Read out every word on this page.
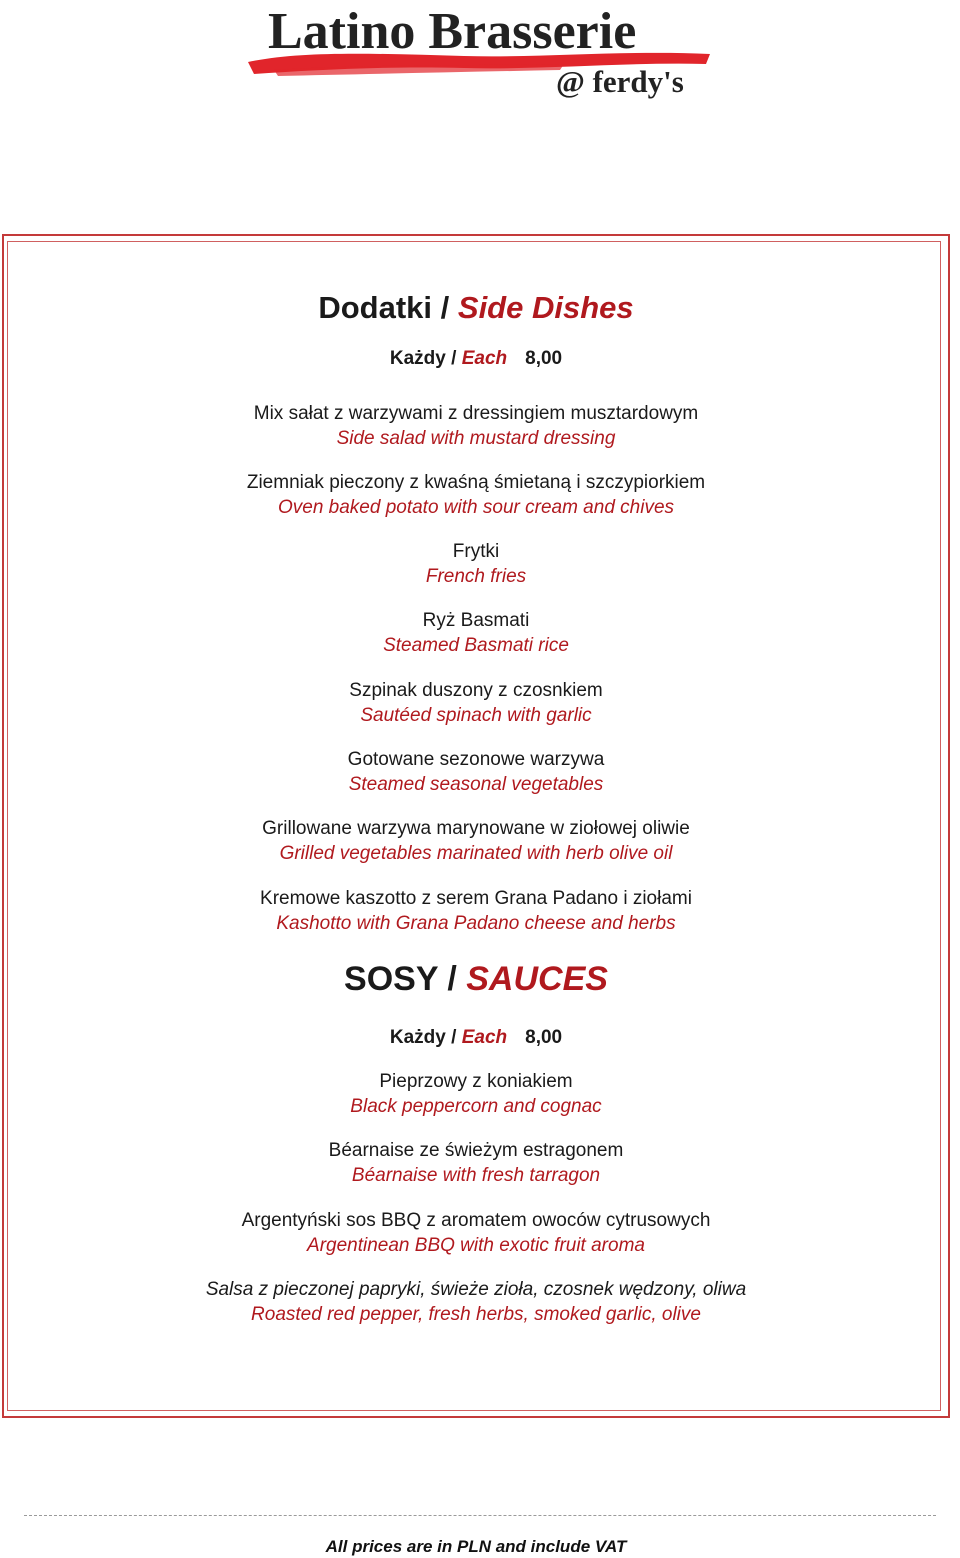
Latino Brasserie
@ ferdy's
Dodatki / Side Dishes
Każdy / Each 8,00
Mix sałat z warzywami z dressingiem musztardowym
Side salad with mustard dressing
Ziemniak pieczony z kwaśną śmietaną i szczypiorkiem
Oven baked potato with sour cream and chives
Frytki
French fries
Ryż Basmati
Steamed Basmati rice
Szpinak duszony z czosnkiem
Sautéed spinach with garlic
Gotowane sezonowe warzywa
Steamed seasonal vegetables
Grillowane warzywa marynowane w ziołowej oliwie
Grilled vegetables marinated with herb olive oil
Kremowe kaszotto z serem Grana Padano i ziołami
Kashotto with Grana Padano cheese and herbs
SOSY / SAUCES
Każdy / Each 8,00
Pieprzowy z koniakiem
Black peppercorn and cognac
Béarnaise ze świeżym estragonem
Béarnaise with fresh tarragon
Argentyński sos BBQ z aromatem owoców cytrusowych
Argentinean BBQ with exotic fruit aroma
Salsa z pieczonej papryki, świeże zioła, czosnek wędzony, oliwa
Roasted red pepper, fresh herbs, smoked garlic, olive
All prices are in PLN and include VAT
